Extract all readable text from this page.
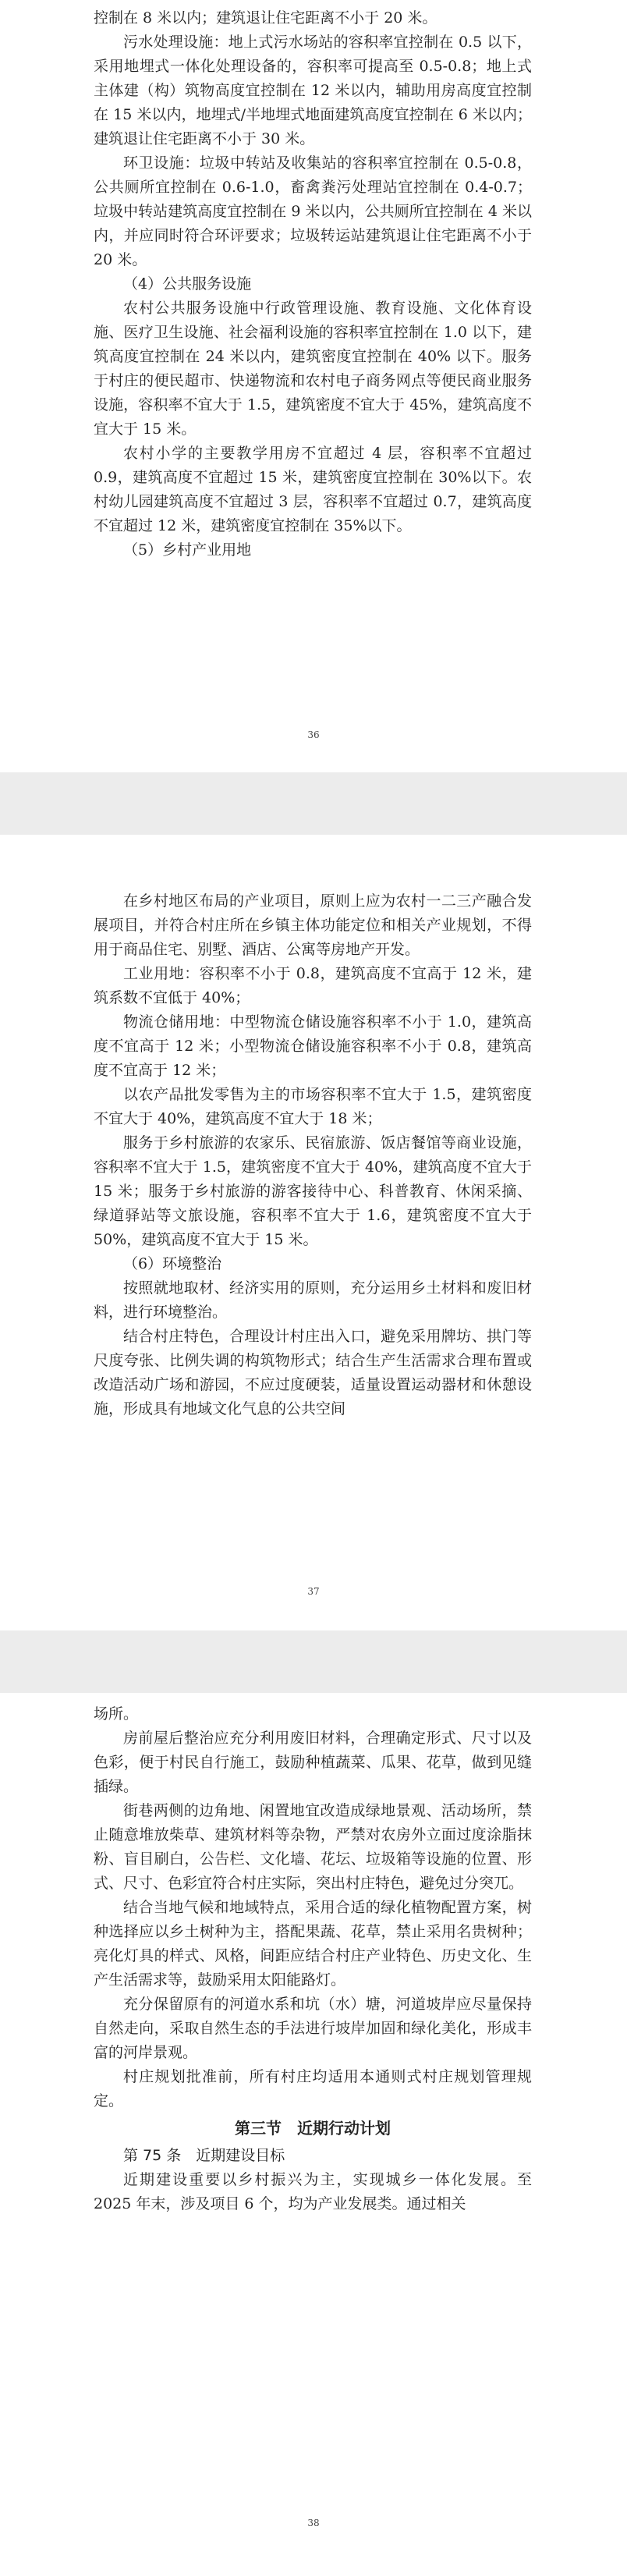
控制在 8 米以内；建筑退让住宅距离不小于 20 米。

污水处理设施：地上式污水场站的容积率宜控制在 0.5 以下，采用地埋式一体化处理设备的，容积率可提高至 0.5-0.8；地上式主体建（构）筑物高度宜控制在 12 米以内，辅助用房高度宜控制在 15 米以内，地埋式/半地埋式地面建筑高度宜控制在 6 米以内；建筑退让住宅距离不小于 30 米。

环卫设施：垃圾中转站及收集站的容积率宜控制在 0.5-0.8，公共厕所宜控制在 0.6-1.0，畜禽粪污处理站宜控制在 0.4-0.7；垃圾中转站建筑高度宜控制在 9 米以内，公共厕所宜控制在 4 米以内，并应同时符合环评要求；垃圾转运站建筑退让住宅距离不小于 20 米。

（4）公共服务设施

农村公共服务设施中行政管理设施、教育设施、文化体育设施、医疗卫生设施、社会福利设施的容积率宜控制在 1.0 以下，建筑高度宜控制在 24 米以内，建筑密度宜控制在 40% 以下。服务于村庄的便民超市、快递物流和农村电子商务网点等便民商业服务设施，容积率不宜大于 1.5，建筑密度不宜大于 45%，建筑高度不宜大于 15 米。

农村小学的主要教学用房不宜超过 4 层，容积率不宜超过 0.9，建筑高度不宜超过 15 米，建筑密度宜控制在 30%以下。农村幼儿园建筑高度不宜超过 3 层，容积率不宜超过 0.7，建筑高度不宜超过 12 米，建筑密度宜控制在 35%以下。

（5）乡村产业用地

36

在乡村地区布局的产业项目，原则上应为农村一二三产融合发展项目，并符合村庄所在乡镇主体功能定位和相关产业规划，不得用于商品住宅、别墅、酒店、公寓等房地产开发。

工业用地：容积率不小于 0.8，建筑高度不宜高于 12 米，建筑系数不宜低于 40%；

物流仓储用地：中型物流仓储设施容积率不小于 1.0，建筑高度不宜高于 12 米；小型物流仓储设施容积率不小于 0.8，建筑高度不宜高于 12 米；

以农产品批发零售为主的市场容积率不宜大于 1.5，建筑密度不宜大于 40%，建筑高度不宜大于 18 米；

服务于乡村旅游的农家乐、民宿旅游、饭店餐馆等商业设施，容积率不宜大于 1.5，建筑密度不宜大于 40%，建筑高度不宜大于 15 米；服务于乡村旅游的游客接待中心、科普教育、休闲采摘、绿道驿站等文旅设施，容积率不宜大于 1.6，建筑密度不宜大于 50%，建筑高度不宜大于 15 米。

（6）环境整治

按照就地取材、经济实用的原则，充分运用乡土材料和废旧材料，进行环境整治。

结合村庄特色，合理设计村庄出入口，避免采用牌坊、拱门等尺度夸张、比例失调的构筑物形式；结合生产生活需求合理布置或改造活动广场和游园，不应过度硬装，适量设置运动器材和休憩设施，形成具有地域文化气息的公共空间

37

场所。

房前屋后整治应充分利用废旧材料，合理确定形式、尺寸以及色彩，便于村民自行施工，鼓励种植蔬菜、瓜果、花草，做到见缝插绿。

街巷两侧的边角地、闲置地宜改造成绿地景观、活动场所，禁止随意堆放柴草、建筑材料等杂物，严禁对农房外立面过度涂脂抹粉、盲目刷白，公告栏、文化墙、花坛、垃圾箱等设施的位置、形式、尺寸、色彩宜符合村庄实际，突出村庄特色，避免过分突兀。

结合当地气候和地域特点，采用合适的绿化植物配置方案，树种选择应以乡土树种为主，搭配果蔬、花草，禁止采用名贵树种；亮化灯具的样式、风格，间距应结合村庄产业特色、历史文化、生产生活需求等，鼓励采用太阳能路灯。

充分保留原有的河道水系和坑（水）塘，河道坡岸应尽量保持自然走向，采取自然生态的手法进行坡岸加固和绿化美化，形成丰富的河岸景观。

村庄规划批准前，所有村庄均适用本通则式村庄规划管理规定。

第三节　近期行动计划

第 75 条　近期建设目标

近期建设重要以乡村振兴为主，实现城乡一体化发展。至 2025 年末，涉及项目 6 个，均为产业发展类。通过相关

38
